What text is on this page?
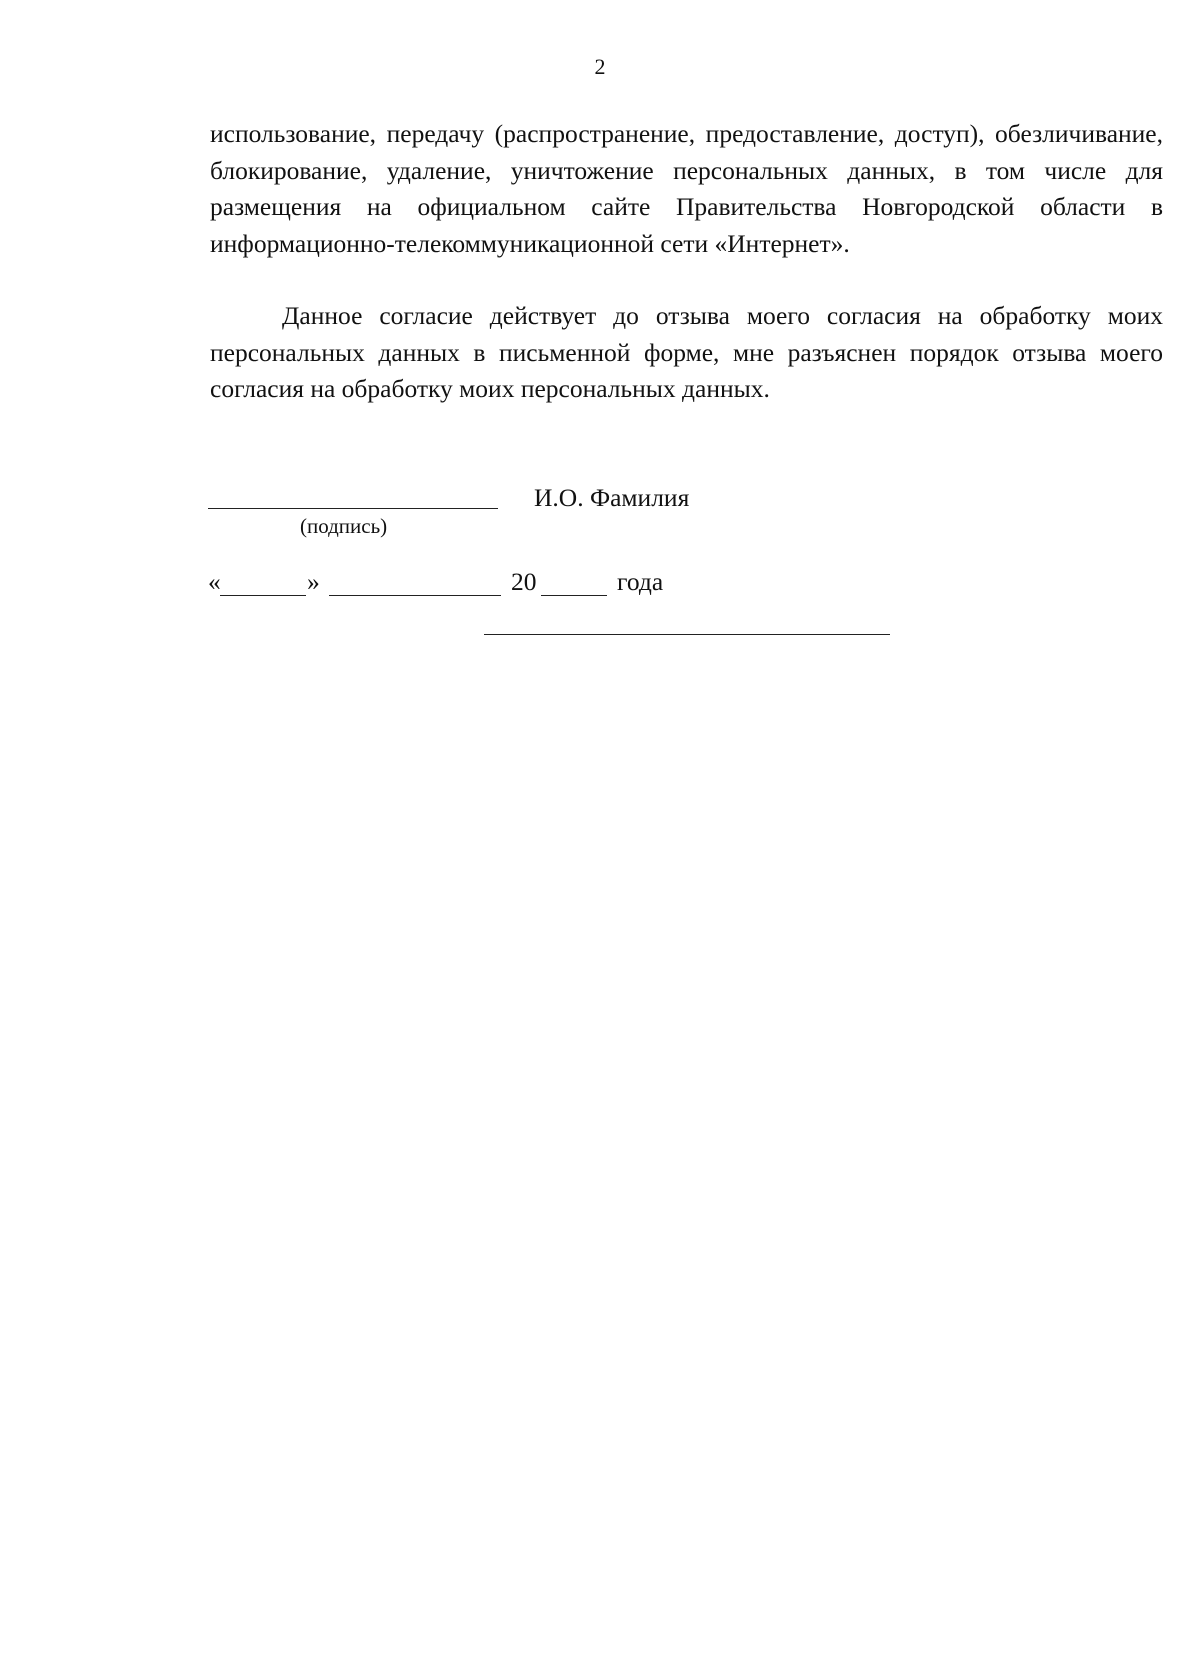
2

использование, передачу (распространение, предоставление, доступ), обезличивание, блокирование, удаление, уничтожение персональных данных, в том числе для размещения на официальном сайте Правительства Новгородской области в информационно-телекоммуникационной сети «Интернет».

Данное согласие действует до отзыва моего согласия на обработку моих персональных данных в письменной форме, мне разъяснен порядок отзыва моего согласия на обработку моих персональных данных.

И.О. Фамилия
(подпись)
«	»	20	года
